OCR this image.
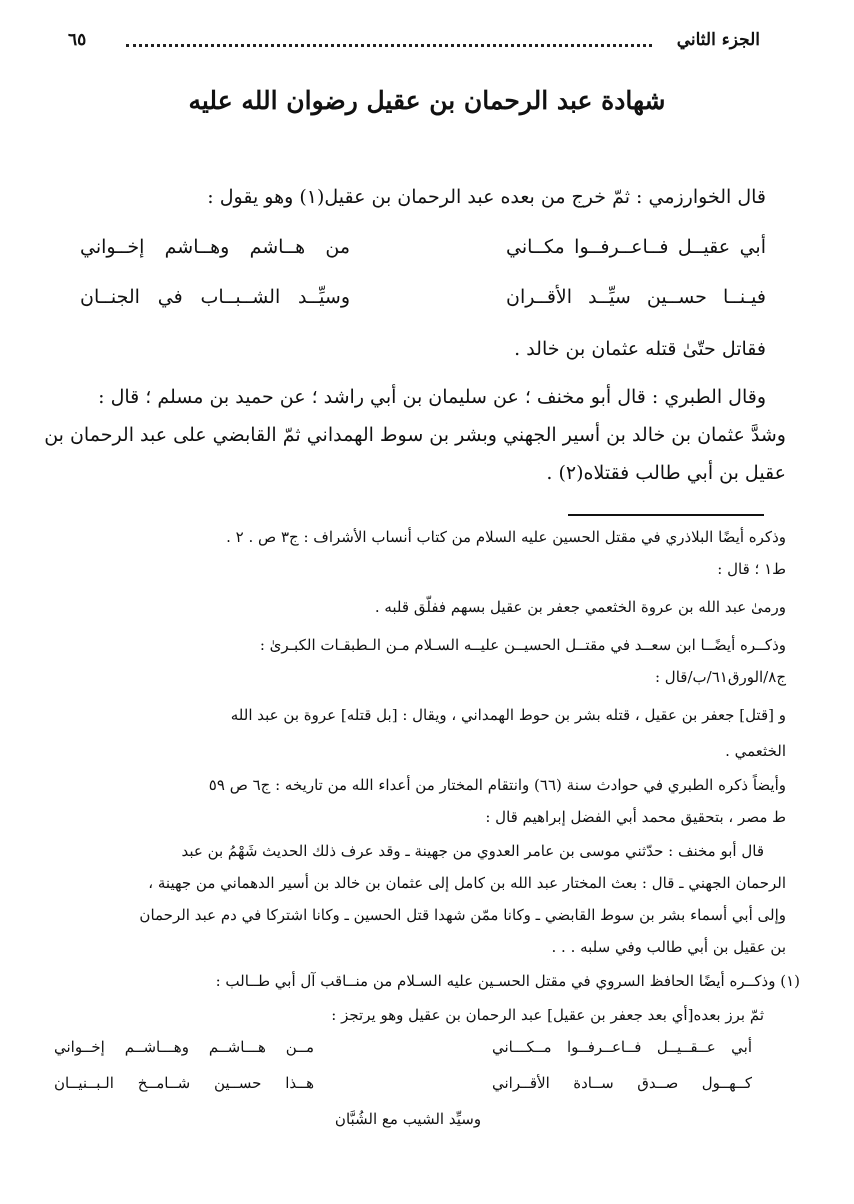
الجزء الثاني
٦٥
شهادة عبد الرحمان بن عقيل رضوان الله عليه
قال الخوارزمي : ثمّ خرج من بعده عبد الرحمان بن عقيل(١) وهو يقول :
أبي عقيــل فــاعــرفــوا مكــاني
من هــاشم وهــاشم إخــواني
فيـنــا حســين سيِّــد الأقــران
وسيِّــد الشــبــاب في الجنــان
فقاتل حتّىٰ قتله عثمان بن خالد .
وقال الطبري : قال أبو مخنف ؛ عن سليمان بن أبي راشد ؛ عن حميد بن مسلم ؛ قال :
وشدَّ عثمان بن خالد بن أسير الجهني وبشر بن سوط الهمداني ثمّ القابضي على عبد الرحمان بن
عقيل بن أبي طالب فقتلاه(٢) .
وذكره أيضًا البلاذري في مقتل الحسين عليه السلام من كتاب أنساب الأشراف : ج٣ ص . ٢ .
ط١ ؛ قال :
ورمىٰ عبد الله بن عروة الخثعمي جعفر بن عقيل بسهم ففلّق قلبه .
وذكــره أيضًــا ابن سعــد في مقتــل الحسيــن عليــه السـلام مـن الـطبقـات الكبـرىٰ :
ج٨/الورق٦١/ب/قال :
و [قتل] جعفر بن عقيل ، قتله بشر بن حوط الهمداني ، ويقال : [بل قتله] عروة بن عبد الله
الخثعمي .
وأيضاً ذكره الطبري في حوادث سنة (٦٦) وانتقام المختار من أعداء الله من تاريخه : ج٦ ص ٥٩
ط مصر ، بتحقيق محمد أبي الفضل إبراهيم قال :
قال أبو مخنف : حدّثني موسى بن عامر العدوي من جهينة ـ وقد عرف ذلك الحديث شَهْمُ بن عبد
الرحمان الجهني ـ قال : بعث المختار عبد الله بن كامل إلى عثمان بن خالد بن أسير الدهماني من جهينة ،
وإلى أبي أسماء بشر بن سوط القابضي ـ وكانا ممّن شهدا قتل الحسين ـ وكانا اشتركا في دم عبد الرحمان
بن عقيل بن أبي طالب وفي سلبه . . .
(١) وذكــره أيضًا الحافظ السروي في مقتل الحسـين عليه السـلام من منــاقب آل أبي طــالب :
ثمّ برز بعده[أي بعد جعفر بن عقيل] عبد الرحمان بن عقيل وهو يرتجز :
أبي عــقــيــل فــاعــرفــوا مــكـــاني
مــن هـــاشــم وهـــاشــم إخــواني
كــهــول صــدق ســادة الأقــراني
هــذا حســين شــامــخ الـبــنيــان
وسيِّد الشيب مع الشُبَّان
